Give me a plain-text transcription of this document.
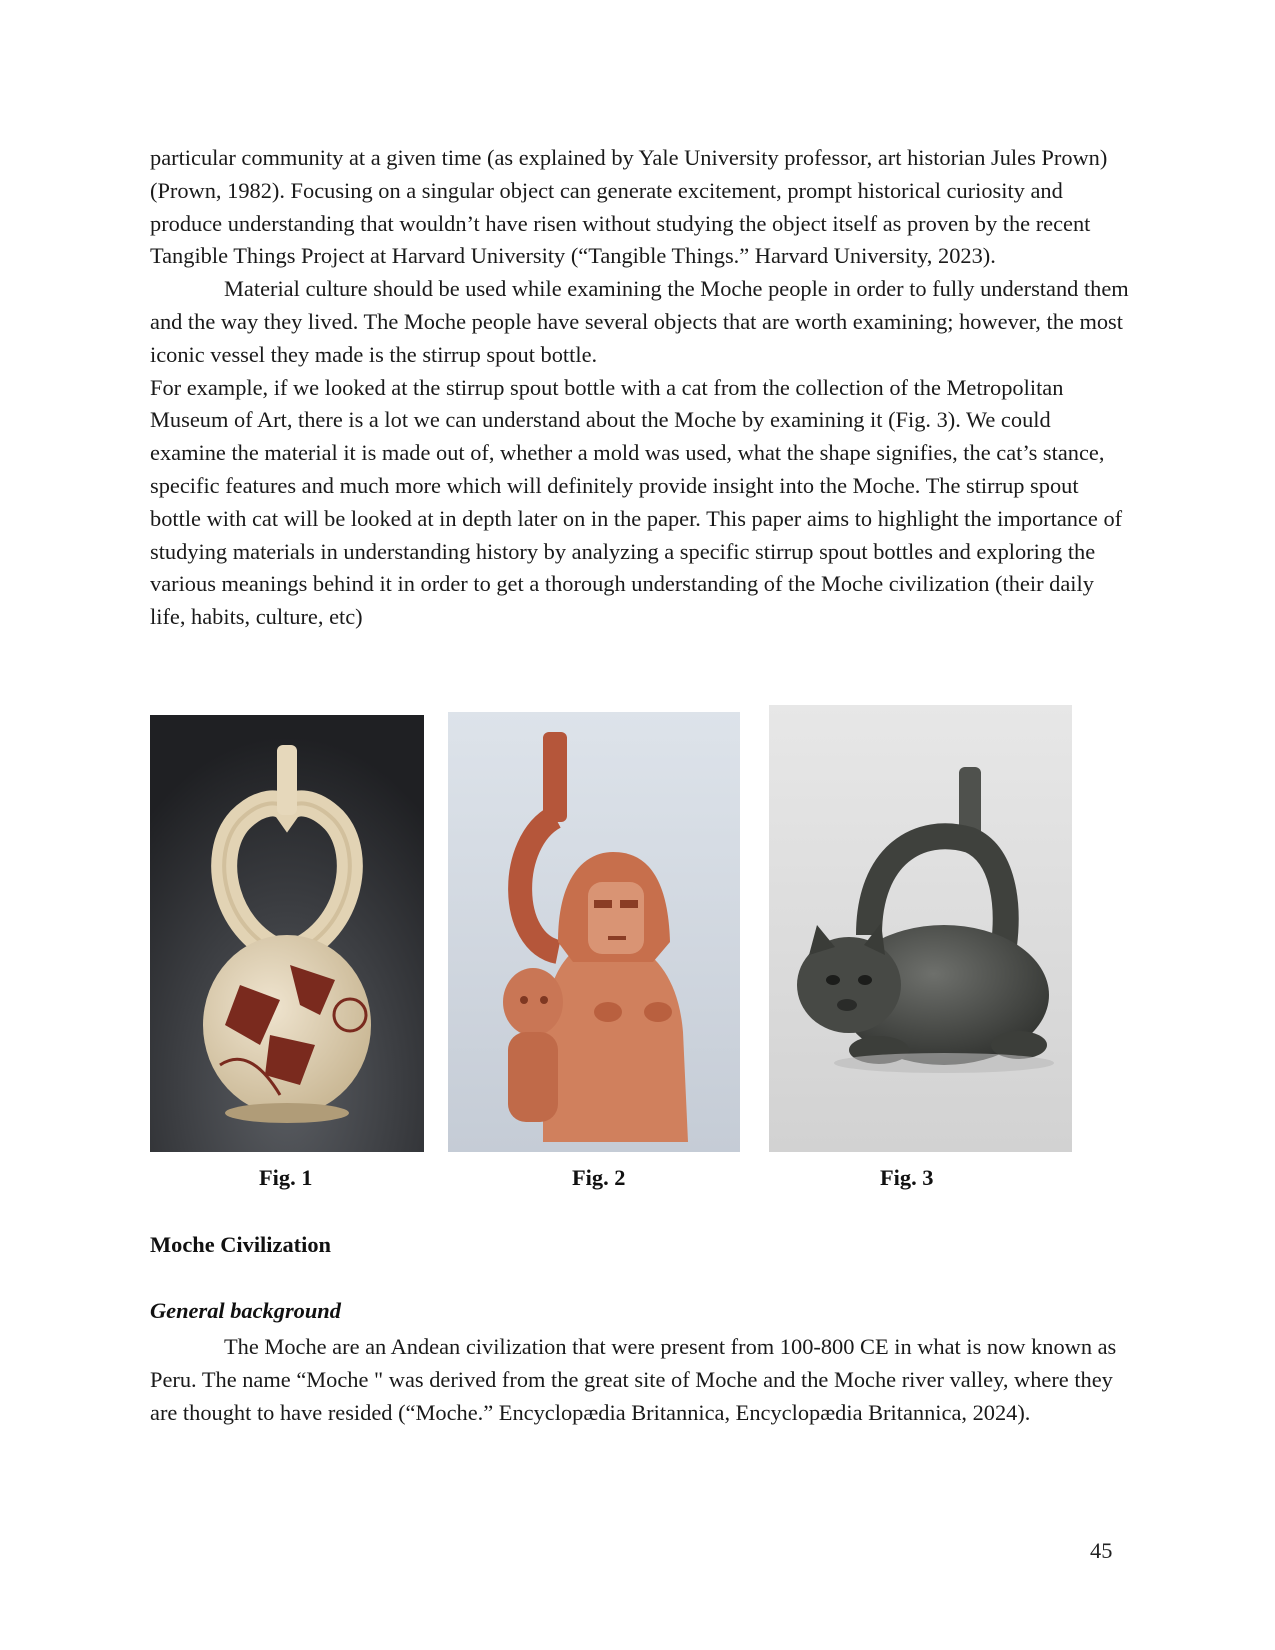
particular community at a given time (as explained by Yale University professor, art historian Jules Prown) (Prown, 1982). Focusing on a singular object can generate excitement, prompt historical curiosity and produce understanding that wouldn’t have risen without studying the object itself as proven by the recent Tangible Things Project at Harvard University (“Tangible Things.” Harvard University, 2023).

Material culture should be used while examining the Moche people in order to fully understand them and the way they lived. The Moche people have several objects that are worth examining; however, the most iconic vessel they made is the stirrup spout bottle.

For example, if we looked at the stirrup spout bottle with a cat from the collection of the Metropolitan Museum of Art, there is a lot we can understand about the Moche by examining it (Fig. 3). We could examine the material it is made out of, whether a mold was used, what the shape signifies, the cat’s stance, specific features and much more which will definitely provide insight into the Moche. The stirrup spout bottle with cat will be looked at in depth later on in the paper. This paper aims to highlight the importance of studying materials in understanding history by analyzing a specific stirrup spout bottles and exploring the various meanings behind it in order to get a thorough understanding of the Moche civilization (their daily life, habits, culture, etc)

Fig. 1	Fig. 2	Fig. 3
Moche Civilization
General background

The Moche are an Andean civilization that were present from 100-800 CE in what is now known as Peru. The name “Moche " was derived from the great site of Moche and the Moche river valley, where they are thought to have resided (“Moche.” Encyclopædia Britannica, Encyclopædia Britannica, 2024).

45
